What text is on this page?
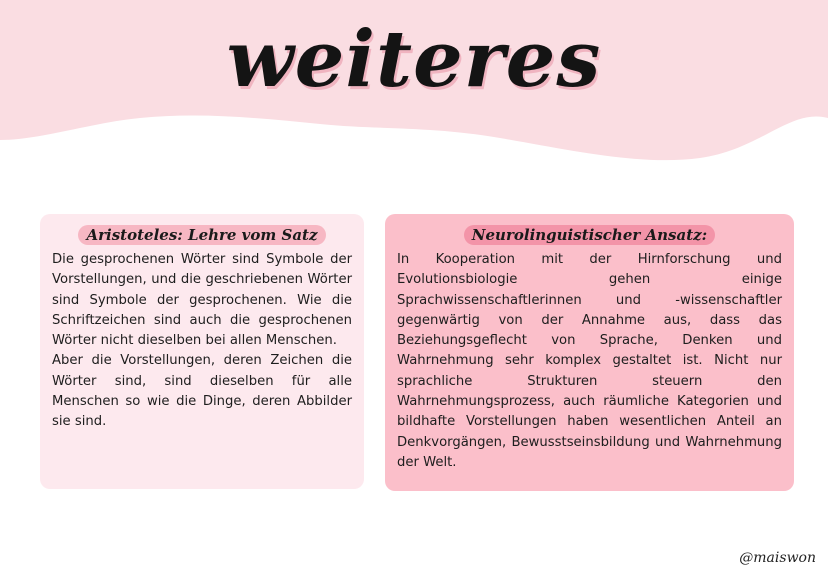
weiteres
Aristoteles: Lehre vom Satz

Die gesprochenen Wörter sind Symbole der Vorstellungen, und die geschriebenen Wörter sind Symbole der gesprochenen. Wie die Schriftzeichen sind auch die gesprochenen Wörter nicht dieselben bei allen Menschen.

Aber die Vorstellungen, deren Zeichen die Wörter sind, sind dieselben für alle Menschen so wie die Dinge, deren Abbilder sie sind.

Neurolinguistischer Ansatz:

In Kooperation mit der Hirnforschung und Evolutionsbiologie gehen einige Sprachwissenschaftlerinnen und -wissenschaftler gegenwärtig von der Annahme aus, dass das Beziehungsgeflecht von Sprache, Denken und Wahrnehmung sehr komplex gestaltet ist. Nicht nur sprachliche Strukturen steuern den Wahrnehmungsprozess, auch räumliche Kategorien und bildhafte Vorstellungen haben wesentlichen Anteil an Denkvorgängen, Bewusstseinsbildung und Wahrnehmung der Welt.

@maiswon
